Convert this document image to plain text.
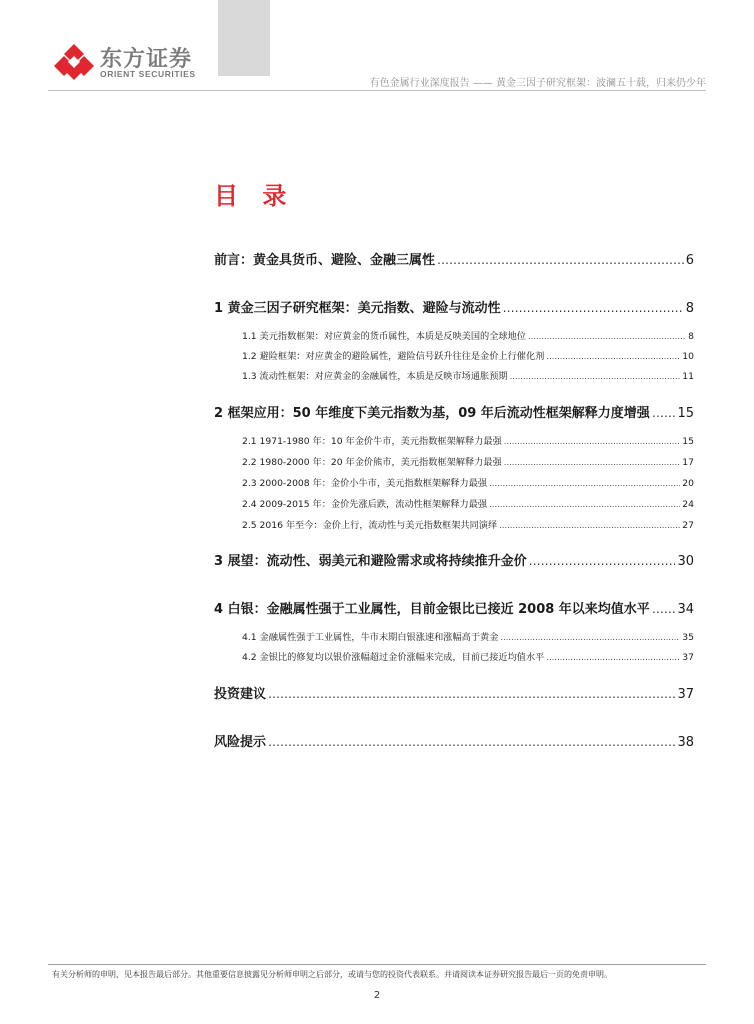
东方证券
ORIENT SECURITIES
有色金属行业深度报告 —— 黄金三因子研究框架：波澜五十载，归来仍少年
目 录
前言：黄金具货币、避险、金融三属性 ……………………………………………………………………………………………………………………………………………………………………………………	6
1 黄金三因子研究框架：美元指数、避险与流动性 ……………………………………………………………………………………………………………………………………………………………………………………	8
1.1 美元指数框架：对应黄金的货币属性，本质是反映美国的全球地位 ……………………………………………………………………………………………………………………………………………………………………………………	8
1.2 避险框架：对应黄金的避险属性，避险信号跃升往往是金价上行催化剂 ……………………………………………………………………………………………………………………………………………………………………………………	10
1.3 流动性框架：对应黄金的金融属性，本质是反映市场通胀预期 ……………………………………………………………………………………………………………………………………………………………………………………	11
2 框架应用：50 年维度下美元指数为基，09 年后流动性框架解释力度增强 …………………………………………………………………………………………………………………………………………………………………………………… 15
2.1 1971-1980 年：10 年金价牛市，美元指数框架解释力最强 ……………………………………………………………………………………………………………………………………………………………………………………	15
2.2 1980-2000 年：20 年金价熊市，美元指数框架解释力最强 ……………………………………………………………………………………………………………………………………………………………………………………	17
2.3 2000-2008 年：金价小牛市，美元指数框架解释力最强 ……………………………………………………………………………………………………………………………………………………………………………………	20
2.4 2009-2015 年：金价先涨后跌，流动性框架解释力最强 ……………………………………………………………………………………………………………………………………………………………………………………	24
2.5 2016 年至今：金价上行，流动性与美元指数框架共同演绎 ……………………………………………………………………………………………………………………………………………………………………………………	27
3 展望：流动性、弱美元和避险需求或将持续推升金价 ……………………………………………………………………………………………………………………………………………………………………………………	30
4 白银：金融属性强于工业属性，目前金银比已接近 2008 年以来均值水平 …………………………………………………………………………………………………………………………………………………………………………………… 34
4.1 金融属性强于工业属性，牛市末期白银涨速和涨幅高于黄金 ……………………………………………………………………………………………………………………………………………………………………………………	35
4.2 金银比的修复均以银价涨幅超过金价涨幅来完成，目前已接近均值水平 ……………………………………………………………………………………………………………………………………………………………………………………	37
投资建议 ……………………………………………………………………………………………………………………………………………………………………………………	37
风险提示 ……………………………………………………………………………………………………………………………………………………………………………………	38
有关分析师的申明，见本报告最后部分。其他重要信息披露见分析师申明之后部分，或请与您的投资代表联系。并请阅读本证券研究报告最后一页的免责申明。
2
